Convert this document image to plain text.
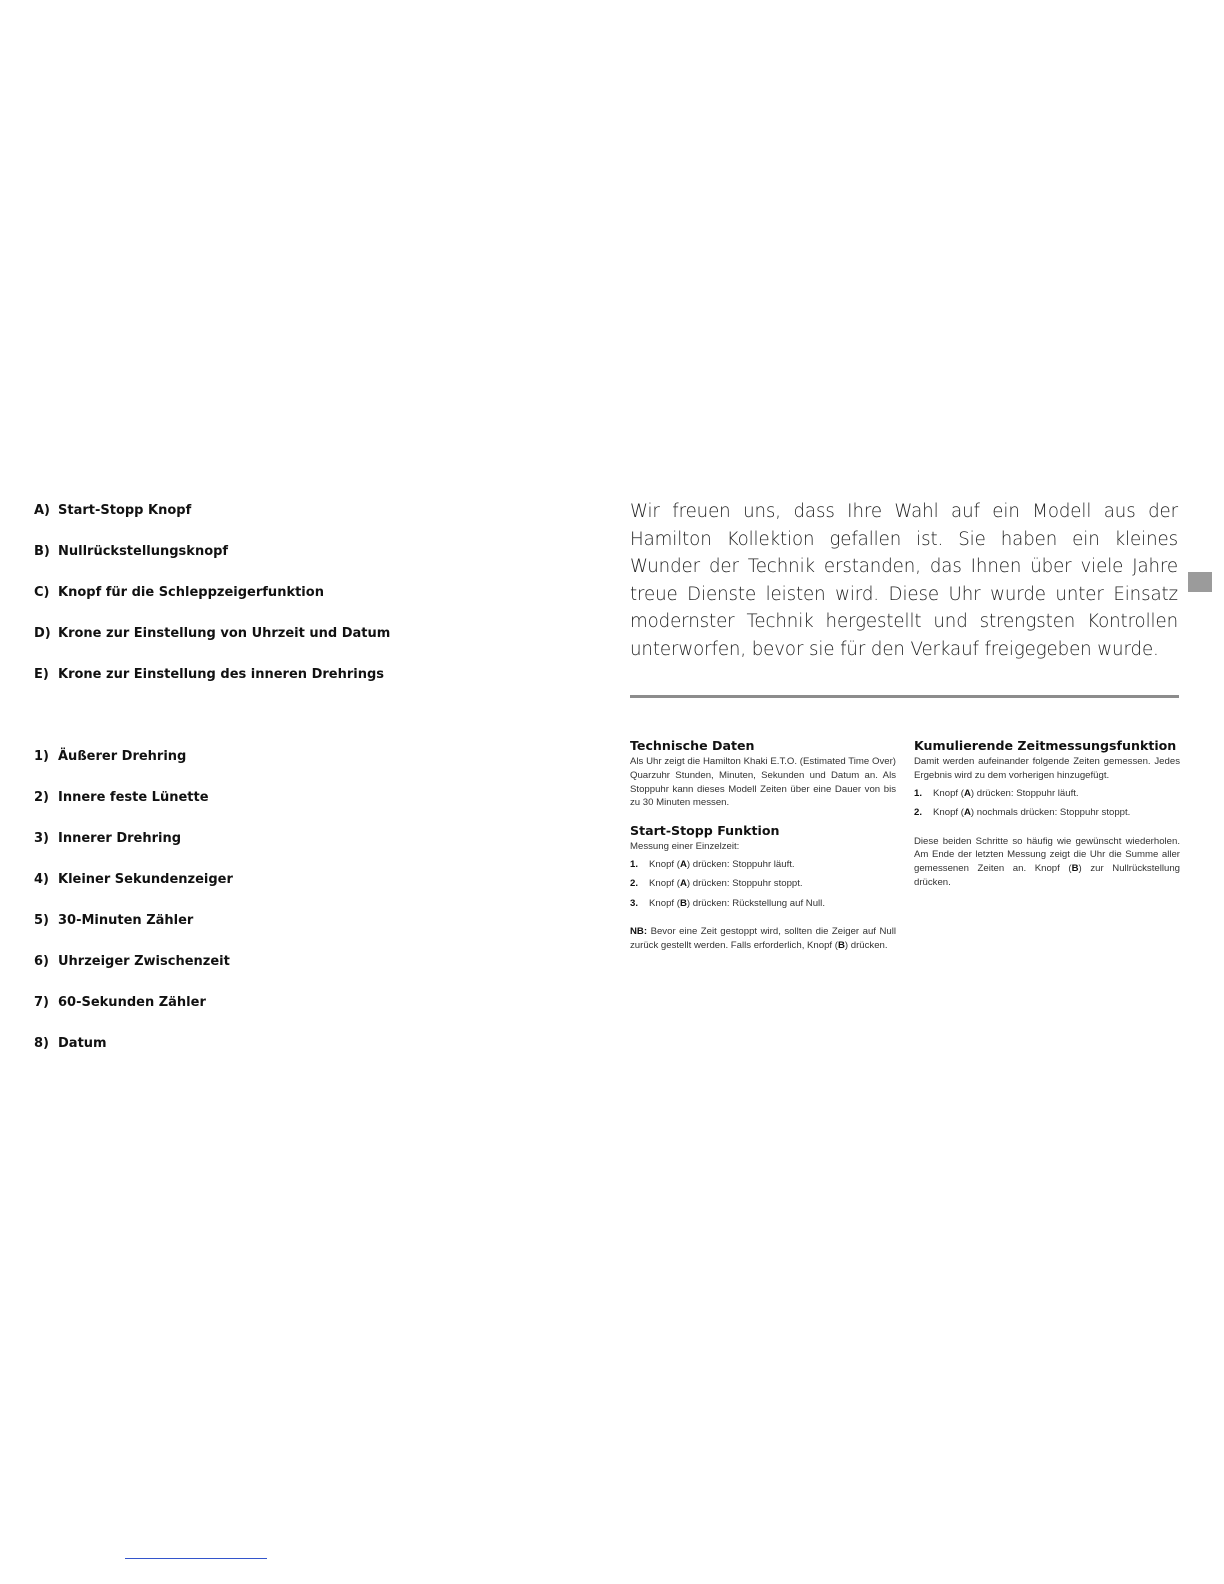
A) Start-Stopp Knopf
B) Nullrückstellungsknopf
C) Knopf für die Schleppzeigerfunktion
D) Krone zur Einstellung von Uhrzeit und Datum
E) Krone zur Einstellung des inneren Drehrings
1) Äußerer Drehring
2) Innere feste Lünette
3) Innerer Drehring
4) Kleiner Sekundenzeiger
5) 30-Minuten Zähler
6) Uhrzeiger Zwischenzeit
7) 60-Sekunden Zähler
8) Datum

Wir freuen uns, dass Ihre Wahl auf ein Modell aus der Hamilton Kollektion gefallen ist. Sie haben ein kleines Wunder der Technik erstanden, das Ihnen über viele Jahre treue Dienste leisten wird. Diese Uhr wurde unter Einsatz modernster Technik hergestellt und strengsten Kontrollen unterworfen, bevor sie für den Verkauf freigegeben wurde.

Technische Daten

Als Uhr zeigt die Hamilton Khaki E.T.O. (Estimated Time Over) Quarzuhr Stunden, Minuten, Sekunden und Datum an. Als Stoppuhr kann dieses Modell Zeiten über eine Dauer von bis zu 30 Minuten messen.

Start-Stopp Funktion

Messung einer Einzelzeit:

1.	Knopf (A) drücken: Stoppuhr läuft.
2.	Knopf (A) drücken: Stoppuhr stoppt.
3.	Knopf (B) drücken: Rückstellung auf Null.

NB: Bevor eine Zeit gestoppt wird, sollten die Zeiger auf Null zurück gestellt werden. Falls erforderlich, Knopf (B) drücken.

Kumulierende Zeitmessungsfunktion

Damit werden aufeinander folgende Zeiten gemessen. Jedes Ergebnis wird zu dem vorherigen hinzugefügt.

1.	Knopf (A) drücken: Stoppuhr läuft.
2.	Knopf (A) nochmals drücken: Stoppuhr stoppt.

Diese beiden Schritte so häufig wie gewünscht wiederholen. Am Ende der letzten Messung zeigt die Uhr die Summe aller gemessenen Zeiten an. Knopf (B) zur Nullrückstellung drücken.
